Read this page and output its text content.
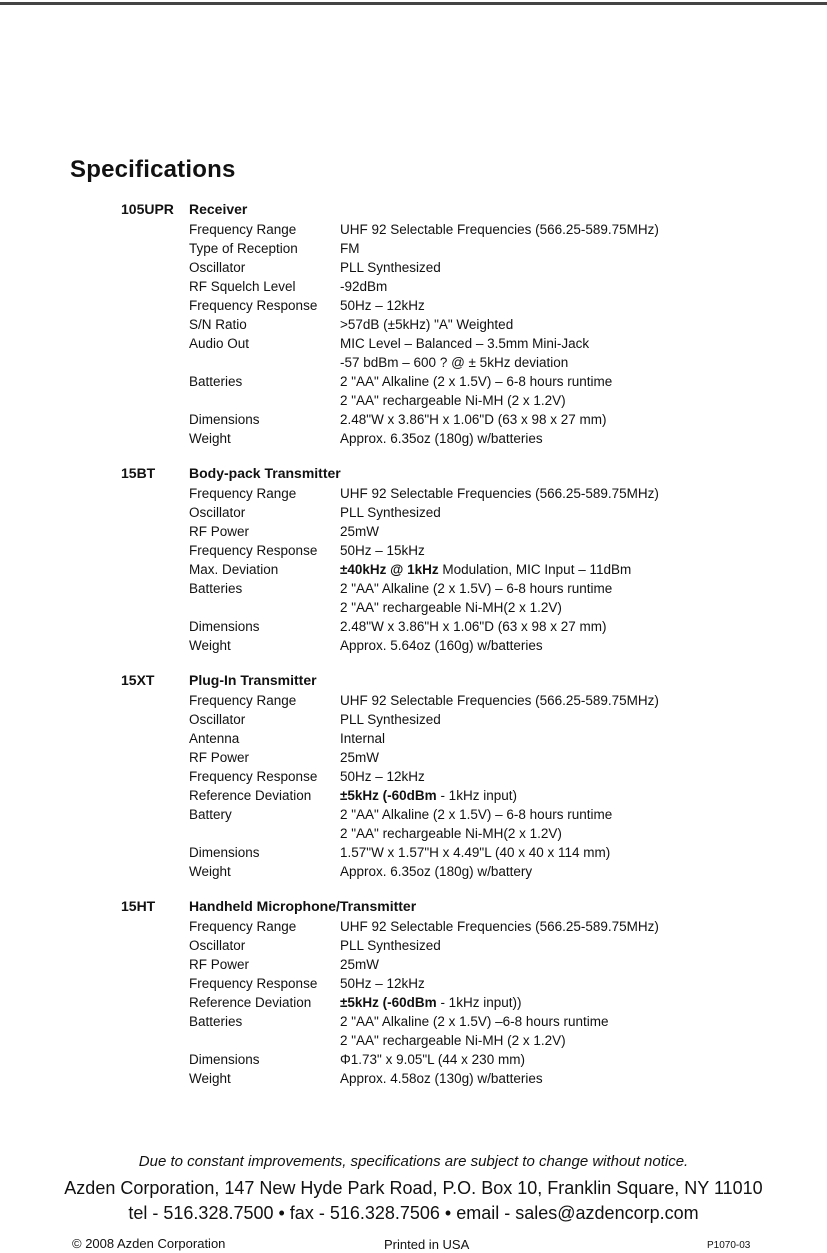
Specifications
105UPR Receiver
Frequency Range	UHF 92 Selectable Frequencies (566.25-589.75MHz)
Type of Reception	FM
Oscillator	PLL Synthesized
RF Squelch Level	-92dBm
Frequency Response 50Hz – 12kHz
S/N Ratio	>57dB (±5kHz) "A" Weighted
Audio Out	MIC Level – Balanced – 3.5mm Mini-Jack
-57 bdBm – 600 ? @ ± 5kHz deviation
Batteries	2 "AA" Alkaline (2 x 1.5V) – 6-8 hours runtime
2 "AA" rechargeable Ni-MH (2 x 1.2V)
Dimensions	2.48"W x 3.86"H x 1.06"D (63 x 98 x 27 mm)
Weight	Approx. 6.35oz (180g) w/batteries
15BT Body-pack Transmitter
Frequency Range	UHF 92 Selectable Frequencies (566.25-589.75MHz)
Oscillator	PLL Synthesized
RF Power	25mW
Frequency Response 50Hz – 15kHz
Max. Deviation	±40kHz @ 1kHz Modulation, MIC Input – 11dBm
Batteries	2 "AA" Alkaline (2 x 1.5V) – 6-8 hours runtime
2 "AA" rechargeable Ni-MH(2 x 1.2V)
Dimensions	2.48"W x 3.86"H x 1.06"D (63 x 98 x 27 mm)
Weight	Approx. 5.64oz (160g) w/batteries
15XT Plug-In Transmitter
Frequency Range	UHF 92 Selectable Frequencies (566.25-589.75MHz)
Oscillator	PLL Synthesized
Antenna	Internal
RF Power	25mW
Frequency Response 50Hz – 12kHz
Reference Deviation ±5kHz (-60dBm - 1kHz input)
Battery	2 "AA" Alkaline (2 x 1.5V) – 6-8 hours runtime
2 "AA" rechargeable Ni-MH(2 x 1.2V)
Dimensions	1.57"W x 1.57"H x 4.49"L (40 x 40 x 114 mm)
Weight	Approx. 6.35oz (180g) w/battery
15HT Handheld Microphone/Transmitter
Frequency Range	UHF 92 Selectable Frequencies (566.25-589.75MHz)
Oscillator	PLL Synthesized
RF Power	25mW
Frequency Response 50Hz – 12kHz
Reference Deviation ±5kHz (-60dBm - 1kHz input))
Batteries	2 "AA" Alkaline (2 x 1.5V) –6-8 hours runtime
2 "AA" rechargeable Ni-MH (2 x 1.2V)
Dimensions	Φ1.73" x 9.05"L (44 x 230 mm)
Weight	Approx. 4.58oz (130g) w/batteries
Due to constant improvements, specifications are subject to change without notice.
Azden Corporation, 147 New Hyde Park Road, P.O. Box 10, Franklin Square, NY 11010
tel - 516.328.7500 • fax - 516.328.7506 • email - sales@azdencorp.com
© 2008 Azden Corporation	Printed in USA	P1070-03
